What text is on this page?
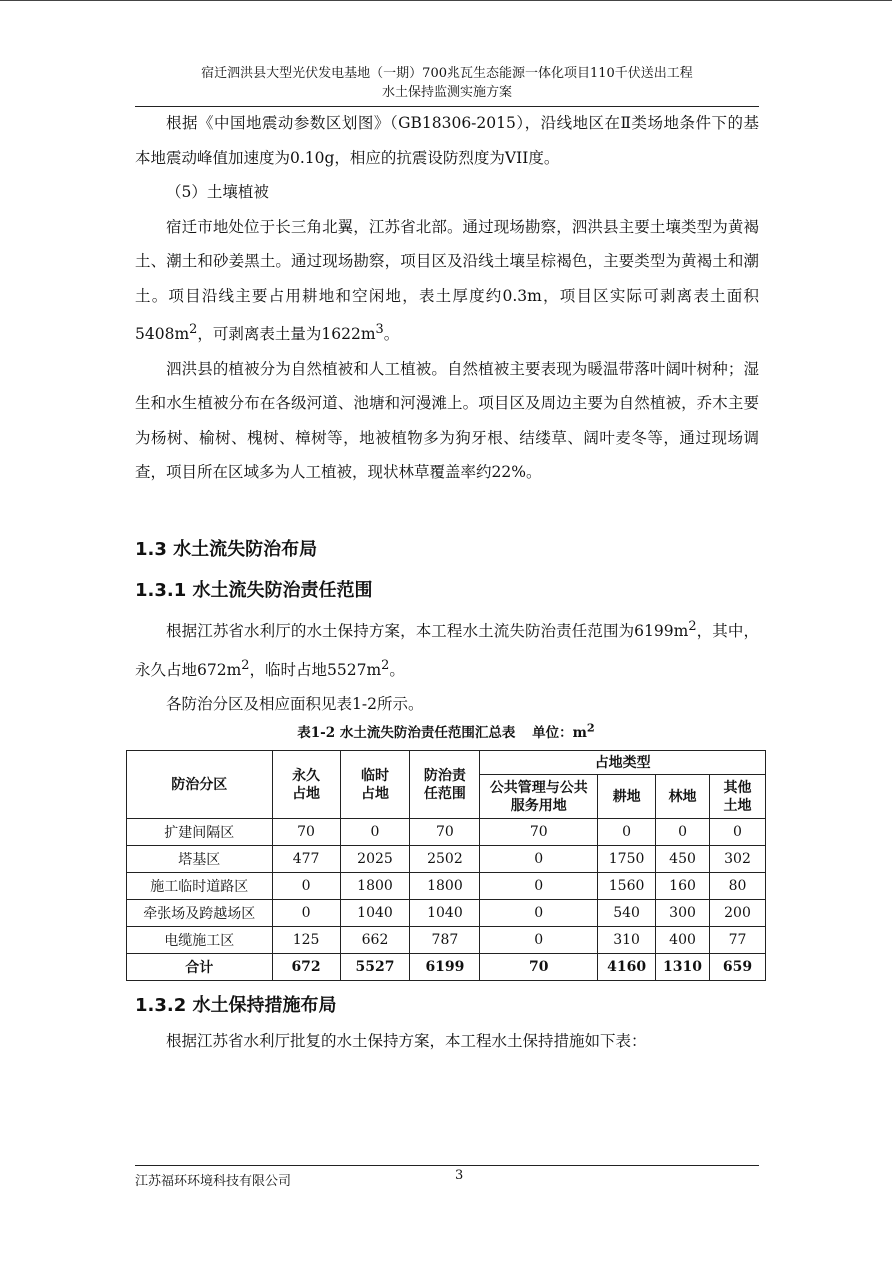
宿迁泗洪县大型光伏发电基地（一期）700兆瓦生态能源一体化项目110千伏送出工程
水土保持监测实施方案

根据《中国地震动参数区划图》（GB18306-2015），沿线地区在Ⅱ类场地条件下的基本地震动峰值加速度为0.10g，相应的抗震设防烈度为VII度。

（5）土壤植被

宿迁市地处位于长三角北翼，江苏省北部。通过现场勘察，泗洪县主要土壤类型为黄褐土、潮土和砂姜黑土。通过现场勘察，项目区及沿线土壤呈棕褐色，主要类型为黄褐土和潮土。项目沿线主要占用耕地和空闲地，表土厚度约0.3m，项目区实际可剥离表土面积$5408m^2$，可剥离表土量为$1622m^3$。

泗洪县的植被分为自然植被和人工植被。自然植被主要表现为暖温带落叶阔叶树种；湿生和水生植被分布在各级河道、池塘和河漫滩上。项目区及周边主要为自然植被，乔木主要为杨树、榆树、槐树、樟树等，地被植物多为狗牙根、结缕草、阔叶麦冬等，通过现场调查，项目所在区域多为人工植被，现状林草覆盖率约22%。

1.3 水土流失防治布局
1.3.1 水土流失防治责任范围

根据江苏省水利厅的水土保持方案，本工程水土流失防治责任范围为$6199m^2$，其中，永久占地$672m^2$，临时占地$5527m^2$。

各防治分区及相应面积见表1-2所示。

表1-2 水土流失防治责任范围汇总表 单位：$m^2$
防治分区	永久占地	临时占地	防治责任范围	占地类型			
				公共管理与公共服务用地	耕地	林地	其他土地
扩建间隔区	70	0	70	70	0	0	0
塔基区	477	2025	2502	0	1750	450	302
施工临时道路区	0	1800	1800	0	1560	160	80
牵张场及跨越场区	0	1040	1040	0	540	300	200
电缆施工区	125	662	787	0	310	400	77
合计	672	5527	6199	70	4160	1310	659
1.3.2 水土保持措施布局

根据江苏省水利厅批复的水土保持方案，本工程水土保持措施如下表：

江苏福环环境科技有限公司	3
